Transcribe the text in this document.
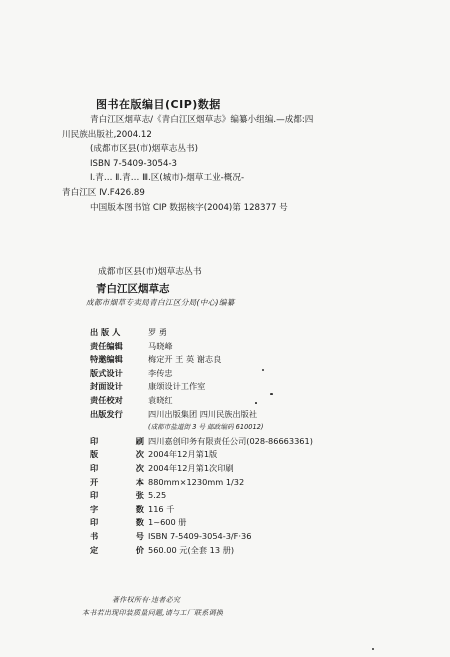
图书在版编目(CIP)数据
青白江区烟草志/《青白江区烟草志》编纂小组编.—成都:四
川民族出版社,2004.12
(成都市区县(市)烟草志丛书)
ISBN 7-5409-3054-3
Ⅰ.青… Ⅱ.青… Ⅲ.区(城市)-烟草工业-概况-
青白江区 Ⅳ.F426.89
中国版本图书馆 CIP 数据核字(2004)第 128377 号
成都市区县(市)烟草志丛书
青白江区烟草志
成都市烟草专卖局青白江区分局(中心)编纂
出 版 人	罗 勇
责任编辑	马晓峰
特邀编辑	梅定开 王 英 谢志良
版式设计	李传忠
封面设计	康颂设计工作室
责任校对	袁晓红
出版发行	四川出版集团 四川民族出版社
(成都市盐道街 3 号 邮政编码 610012)
印	刷 四川嘉创印务有限责任公司(028-86663361)
版	次 2004年12月第1版
印	次 2004年12月第1次印刷
开	本 880mm×1230mm 1/32
印	张 5.25
字	数 116 千
印	数 1~600 册
书	号 ISBN 7-5409-3054-3/F·36
定	价 560.00 元(全套 13 册)
著作权所有·违者必究
本书若出现印装质量问题,请与工厂联系调换
